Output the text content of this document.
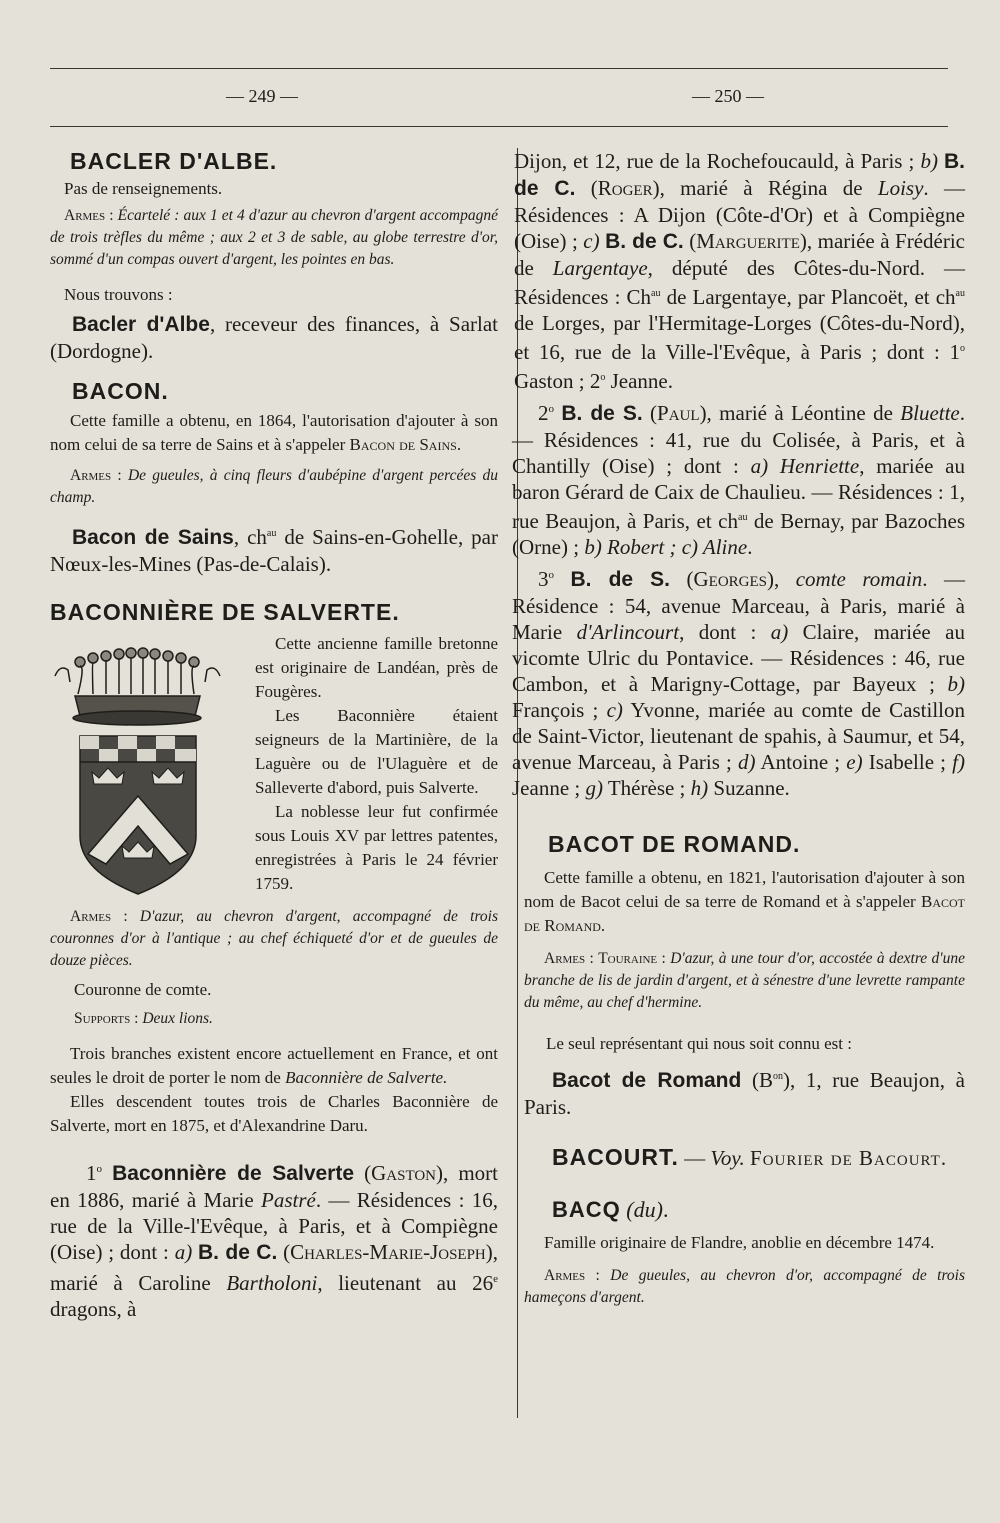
— 249 —	— 250 —

BACLER D'ALBE.

Pas de renseignements.

Armes : Écartelé : aux 1 et 4 d'azur au chevron d'argent accompagné de trois trèfles du même ; aux 2 et 3 de sable, au globe terrestre d'or, sommé d'un compas ouvert d'argent, les pointes en bas.

Nous trouvons :

Bacler d'Albe, receveur des finances, à Sarlat (Dordogne).

BACON.

Cette famille a obtenu, en 1864, l'autorisation d'ajouter à son nom celui de sa terre de Sains et à s'appeler Bacon de Sains.

Armes : De gueules, à cinq fleurs d'aubépine d'argent percées du champ.

Bacon de Sains, $ch^{au}$ de Sains-en-Gohelle, par Nœux-les-Mines (Pas-de-Calais).

BACONNIÈRE DE SALVERTE.

Cette ancienne famille bretonne est originaire de Landéan, près de Fougères.

Les Baconnière étaient seigneurs de la Martinière, de la Laguère ou de l'Ulaguère et de Salleverte d'abord, puis Salverte.

La noblesse leur fut confirmée sous Louis XV par lettres patentes, enregistrées à Paris le 24 février 1759.

Armes : D'azur, au chevron d'argent, accompagné de trois couronnes d'or à l'antique ; au chef échiqueté d'or et de gueules de douze pièces.

Couronne de comte.

Supports : Deux lions.

Trois branches existent encore actuellement en France, et ont seules le droit de porter le nom de Baconnière de Salverte.

Elles descendent toutes trois de Charles Baconnière de Salverte, mort en 1875, et d'Alexandrine Daru.

1$^o$ Baconnière de Salverte (Gaston), mort en 1886, marié à Marie Pastré. — Résidences : 16, rue de la Ville-l'Evêque, à Paris, et à Compiègne (Oise) ; dont : a) B. de C. (Charles-Marie-Joseph), marié à Caroline Bartholoni, lieutenant au 26e dragons, à

Dijon, et 12, rue de la Rochefoucauld, à Paris ; b) B. de C. (Roger), marié à Régina de Loisy. — Résidences : A Dijon (Côte-d'Or) et à Compiègne (Oise) ; c) B. de C. (Marguerite), mariée à Frédéric de Largentaye, député des Côtes-du-Nord. — Résidences : $Ch^{au}$ de Largentaye, par Plancoët, et $ch^{au}$ de Lorges, par l'Hermitage-Lorges (Côtes-du-Nord), et 16, rue de la Ville-l'Evêque, à Paris ; dont : 1$^o$ Gaston ; 2$^o$ Jeanne.

2$^o$ B. de S. (Paul), marié à Léontine de Bluette. — Résidences : 41, rue du Colisée, à Paris, et à Chantilly (Oise) ; dont : a) Henriette, mariée au baron Gérard de Caix de Chaulieu. — Résidences : 1, rue Beaujon, à Paris, et $ch^{au}$ de Bernay, par Bazoches (Orne) ; b) Robert ; c) Aline.

3$^o$ B. de S. (Georges), comte romain. — Résidence : 54, avenue Marceau, à Paris, marié à Marie d'Arlincourt, dont : a) Claire, mariée au vicomte Ulric du Pontavice. — Résidences : 46, rue Cambon, et à Marigny-Cottage, par Bayeux ; b) François ; c) Yvonne, mariée au comte de Castillon de Saint-Victor, lieutenant de spahis, à Saumur, et 54, avenue Marceau, à Paris ; d) Antoine ; e) Isabelle ; f) Jeanne ; g) Thérèse ; h) Suzanne.

BACOT DE ROMAND.

Cette famille a obtenu, en 1821, l'autorisation d'ajouter à son nom de Bacot celui de sa terre de Romand et à s'appeler Bacot de Romand.

Armes : Touraine : D'azur, à une tour d'or, accostée à dextre d'une branche de lis de jardin d'argent, et à sénestre d'une levrette rampante du même, au chef d'hermine.

Le seul représentant qui nous soit connu est :

Bacot de Romand $(B^{on})$, 1, rue Beaujon, à Paris.

BACOURT. — Voy. Fourier de Bacourt.

BACQ (du).

Famille originaire de Flandre, anoblie en décembre 1474.

Armes : De gueules, au chevron d'or, accompagné de trois hameçons d'argent.
